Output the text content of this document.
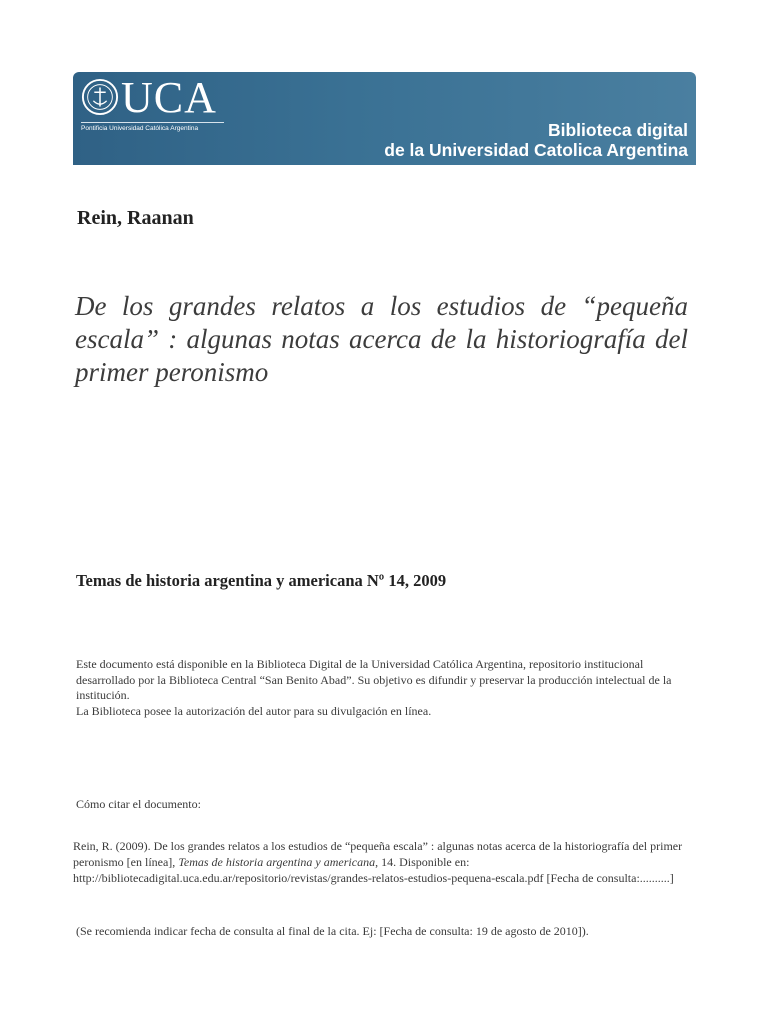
UCA
Pontificia Universidad Católica Argentina	Biblioteca digital
de la Universidad Catolica Argentina
Rein, Raanan
De los grandes relatos a los estudios de “pequeña escala” : algunas notas acerca de la historiografía del primer peronismo
Temas de historia argentina y americana Nº 14, 2009

Este documento está disponible en la Biblioteca Digital de la Universidad Católica Argentina, repositorio institucional desarrollado por la Biblioteca Central “San Benito Abad”. Su objetivo es difundir y preservar la producción intelectual de la institución.

La Biblioteca posee la autorización del autor para su divulgación en línea.

Cómo citar el documento:
Rein, R. (2009). De los grandes relatos a los estudios de “pequeña escala” : algunas notas acerca de la historiografía del primer peronismo [en línea], Temas de historia argentina y americana, 14. Disponible en: http://bibliotecadigital.uca.edu.ar/repositorio/revistas/grandes-relatos-estudios-pequena-escala.pdf [Fecha de consulta:..........]
(Se recomienda indicar fecha de consulta al final de la cita. Ej: [Fecha de consulta: 19 de agosto de 2010]).
